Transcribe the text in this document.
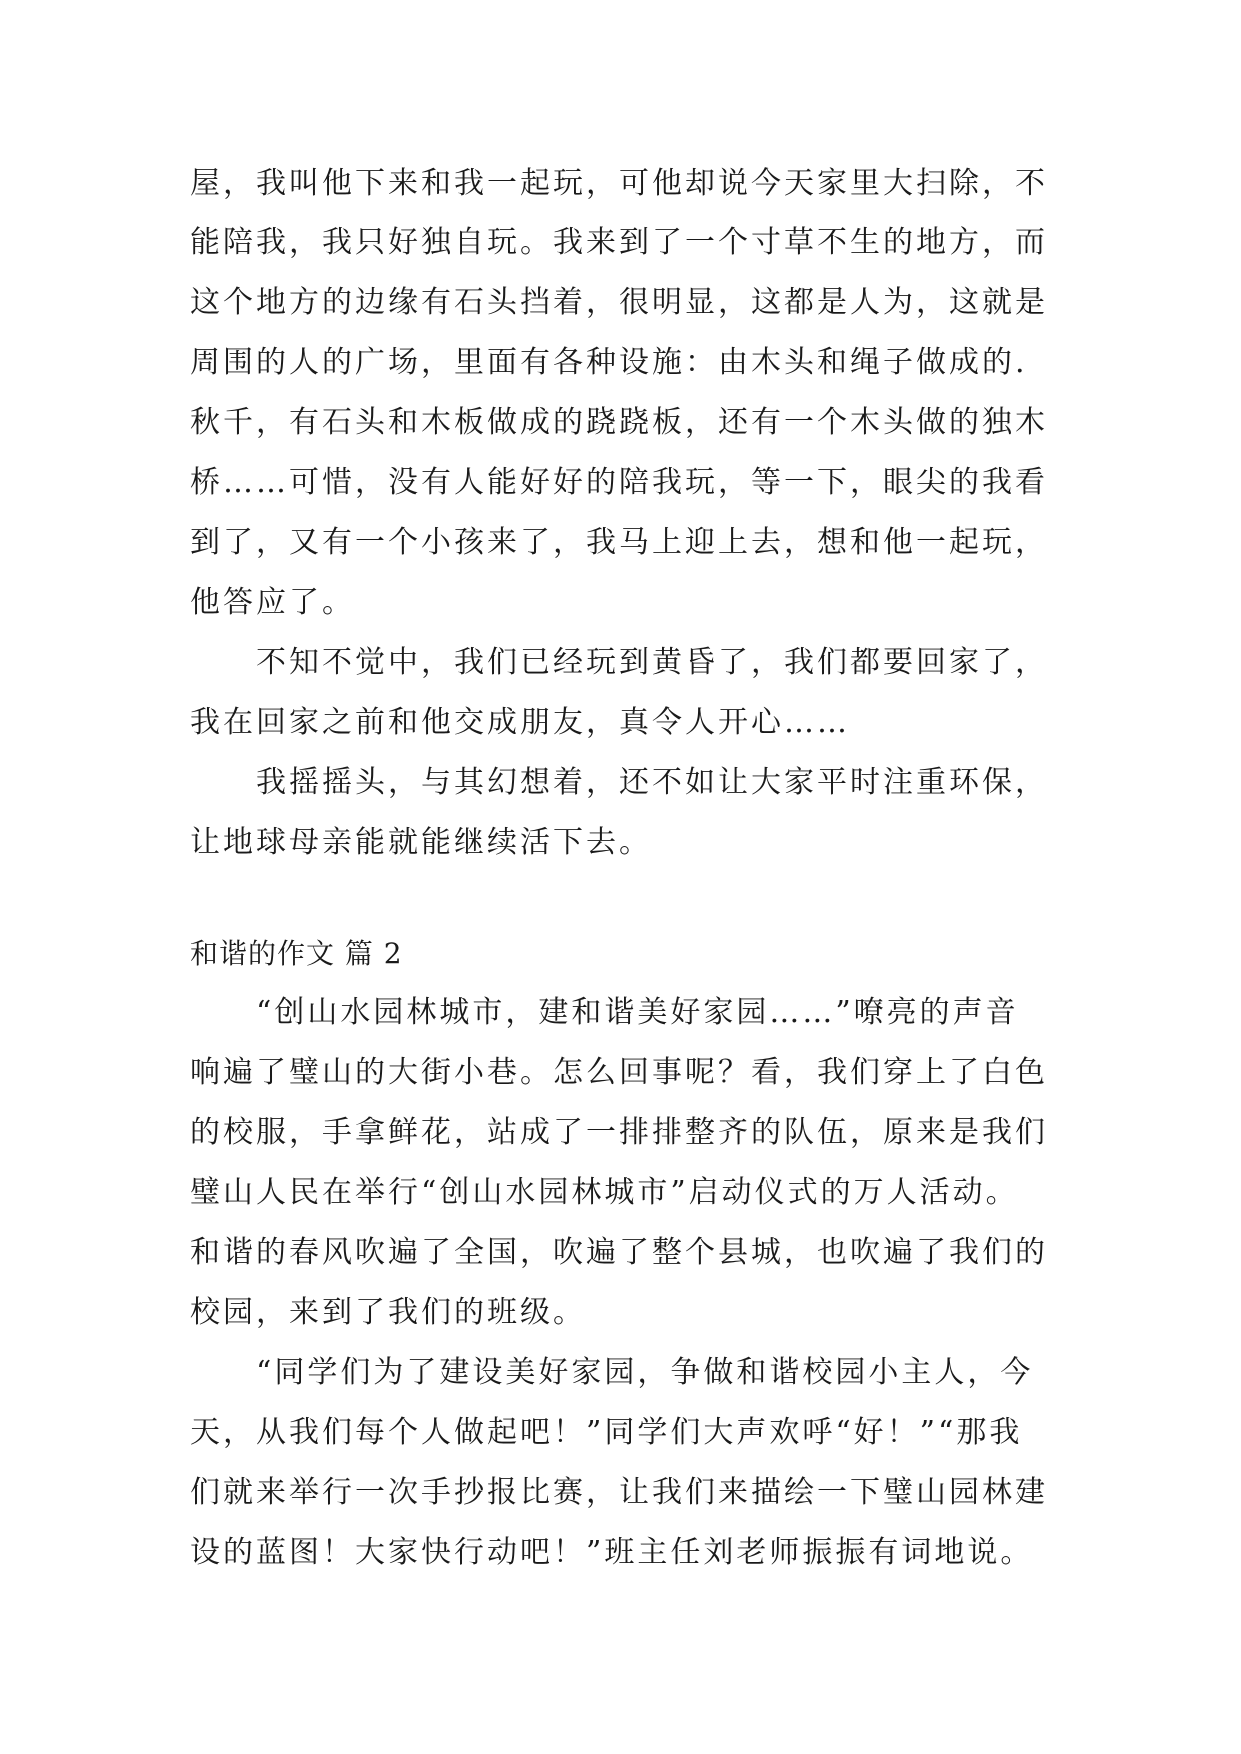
屋，我叫他下来和我一起玩，可他却说今天家里大扫除，不
能陪我，我只好独自玩。我来到了一个寸草不生的地方，而
这个地方的边缘有石头挡着，很明显，这都是人为，这就是
周围的人的广场，里面有各种设施：由木头和绳子做成的.
秋千，有石头和木板做成的跷跷板，还有一个木头做的独木
桥……可惜，没有人能好好的陪我玩，等一下，眼尖的我看
到了，又有一个小孩来了，我马上迎上去，想和他一起玩，
他答应了。
　　不知不觉中，我们已经玩到黄昏了，我们都要回家了，
我在回家之前和他交成朋友，真令人开心……
　　我摇摇头，与其幻想着，还不如让大家平时注重环保，
让地球母亲能就能继续活下去。
和谐的作文 篇 2
　　“创山水园林城市，建和谐美好家园……”嘹亮的声音
响遍了璧山的大街小巷。怎么回事呢？看，我们穿上了白色
的校服，手拿鲜花，站成了一排排整齐的队伍，原来是我们
璧山人民在举行“创山水园林城市”启动仪式的万人活动。
和谐的春风吹遍了全国，吹遍了整个县城，也吹遍了我们的
校园，来到了我们的班级。
　　“同学们为了建设美好家园，争做和谐校园小主人，今
天，从我们每个人做起吧！”同学们大声欢呼“好！”“那我
们就来举行一次手抄报比赛，让我们来描绘一下璧山园林建
设的蓝图！大家快行动吧！”班主任刘老师振振有词地说。
